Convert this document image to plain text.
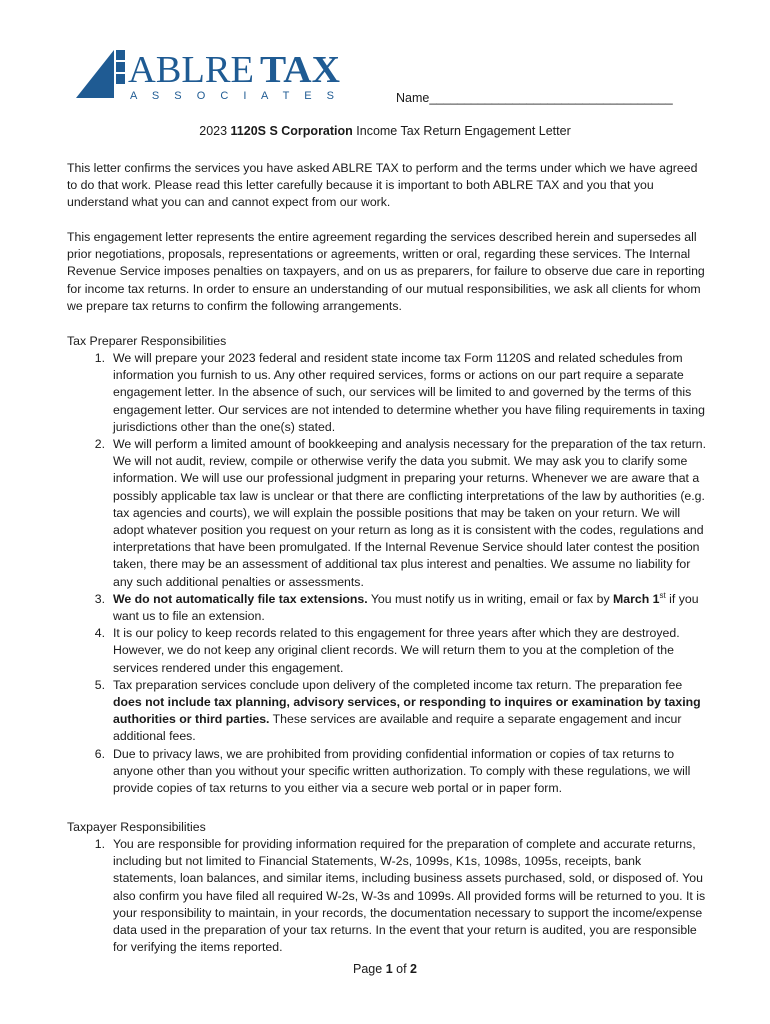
ABLRE TAX
A S S O C I A T E S	Name___________________________________
2023 1120S S Corporation Income Tax Return Engagement Letter

This letter confirms the services you have asked ABLRE TAX to perform and the terms under which we have agreed to do that work. Please read this letter carefully because it is important to both ABLRE TAX and you that you understand what you can and cannot expect from our work.

This engagement letter represents the entire agreement regarding the services described herein and supersedes all prior negotiations, proposals, representations or agreements, written or oral, regarding these services. The Internal Revenue Service imposes penalties on taxpayers, and on us as preparers, for failure to observe due care in reporting for income tax returns. In order to ensure an understanding of our mutual responsibilities, we ask all clients for whom we prepare tax returns to confirm the following arrangements.

Tax Preparer Responsibilities
1. We will prepare your 2023 federal and resident state income tax Form 1120S and related schedules from information you furnish to us. Any other required services, forms or actions on our part require a separate engagement letter. In the absence of such, our services will be limited to and governed by the terms of this engagement letter. Our services are not intended to determine whether you have filing requirements in taxing jurisdictions other than the one(s) stated.
2. We will perform a limited amount of bookkeeping and analysis necessary for the preparation of the tax return. We will not audit, review, compile or otherwise verify the data you submit. We may ask you to clarify some information. We will use our professional judgment in preparing your returns. Whenever we are aware that a possibly applicable tax law is unclear or that there are conflicting interpretations of the law by authorities (e.g. tax agencies and courts), we will explain the possible positions that may be taken on your return. We will adopt whatever position you request on your return as long as it is consistent with the codes, regulations and interpretations that have been promulgated. If the Internal Revenue Service should later contest the position taken, there may be an assessment of additional tax plus interest and penalties. We assume no liability for any such additional penalties or assessments.
3. We do not automatically file tax extensions. You must notify us in writing, email or fax by March 1st if you want us to file an extension.
4. It is our policy to keep records related to this engagement for three years after which they are destroyed. However, we do not keep any original client records. We will return them to you at the completion of the services rendered under this engagement.
5. Tax preparation services conclude upon delivery of the completed income tax return. The preparation fee does not include tax planning, advisory services, or responding to inquires or examination by taxing authorities or third parties. These services are available and require a separate engagement and incur additional fees.
6. Due to privacy laws, we are prohibited from providing confidential information or copies of tax returns to anyone other than you without your specific written authorization. To comply with these regulations, we will provide copies of tax returns to you either via a secure web portal or in paper form.
Taxpayer Responsibilities
1. You are responsible for providing information required for the preparation of complete and accurate returns, including but not limited to Financial Statements, W-2s, 1099s, K1s, 1098s, 1095s, receipts, bank statements, loan balances, and similar items, including business assets purchased, sold, or disposed of. You also confirm you have filed all required W-2s, W-3s and 1099s. All provided forms will be returned to you. It is your responsibility to maintain, in your records, the documentation necessary to support the income/expense data used in the preparation of your tax returns. In the event that your return is audited, you are responsible for verifying the items reported.
Page 1 of 2
